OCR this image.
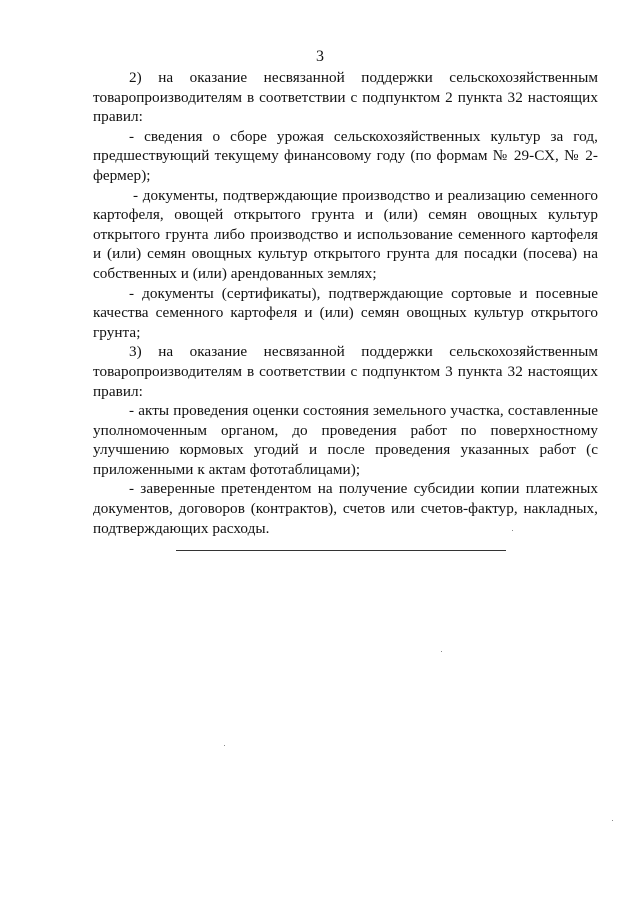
3

2) на оказание несвязанной поддержки сельскохозяйственным товаропроизводителям в соответствии с подпунктом 2 пункта 32 настоящих правил:

- сведения о сборе урожая сельскохозяйственных культур за год, предшествующий текущему финансовому году (по формам № 29-СХ, № 2-фермер);

- документы, подтверждающие производство и реализацию семенного картофеля, овощей открытого грунта и (или) семян овощных культур открытого грунта либо производство и использование семенного картофеля и (или) семян овощных культур открытого грунта для посадки (посева) на собственных и (или) арендованных землях;

- документы (сертификаты), подтверждающие сортовые и посевные качества семенного картофеля и (или) семян овощных культур открытого грунта;

3) на оказание несвязанной поддержки сельскохозяйственным товаропроизводителям в соответствии с подпунктом 3 пункта 32 настоящих правил:

- акты проведения оценки состояния земельного участка, составленные уполномоченным органом, до проведения работ по поверхностному улучшению кормовых угодий и после проведения указанных работ (с приложенными к актам фототаблицами);

- заверенные претендентом на получение субсидии копии платежных документов, договоров (контрактов), счетов или счетов-фактур, накладных, подтверждающих расходы.
